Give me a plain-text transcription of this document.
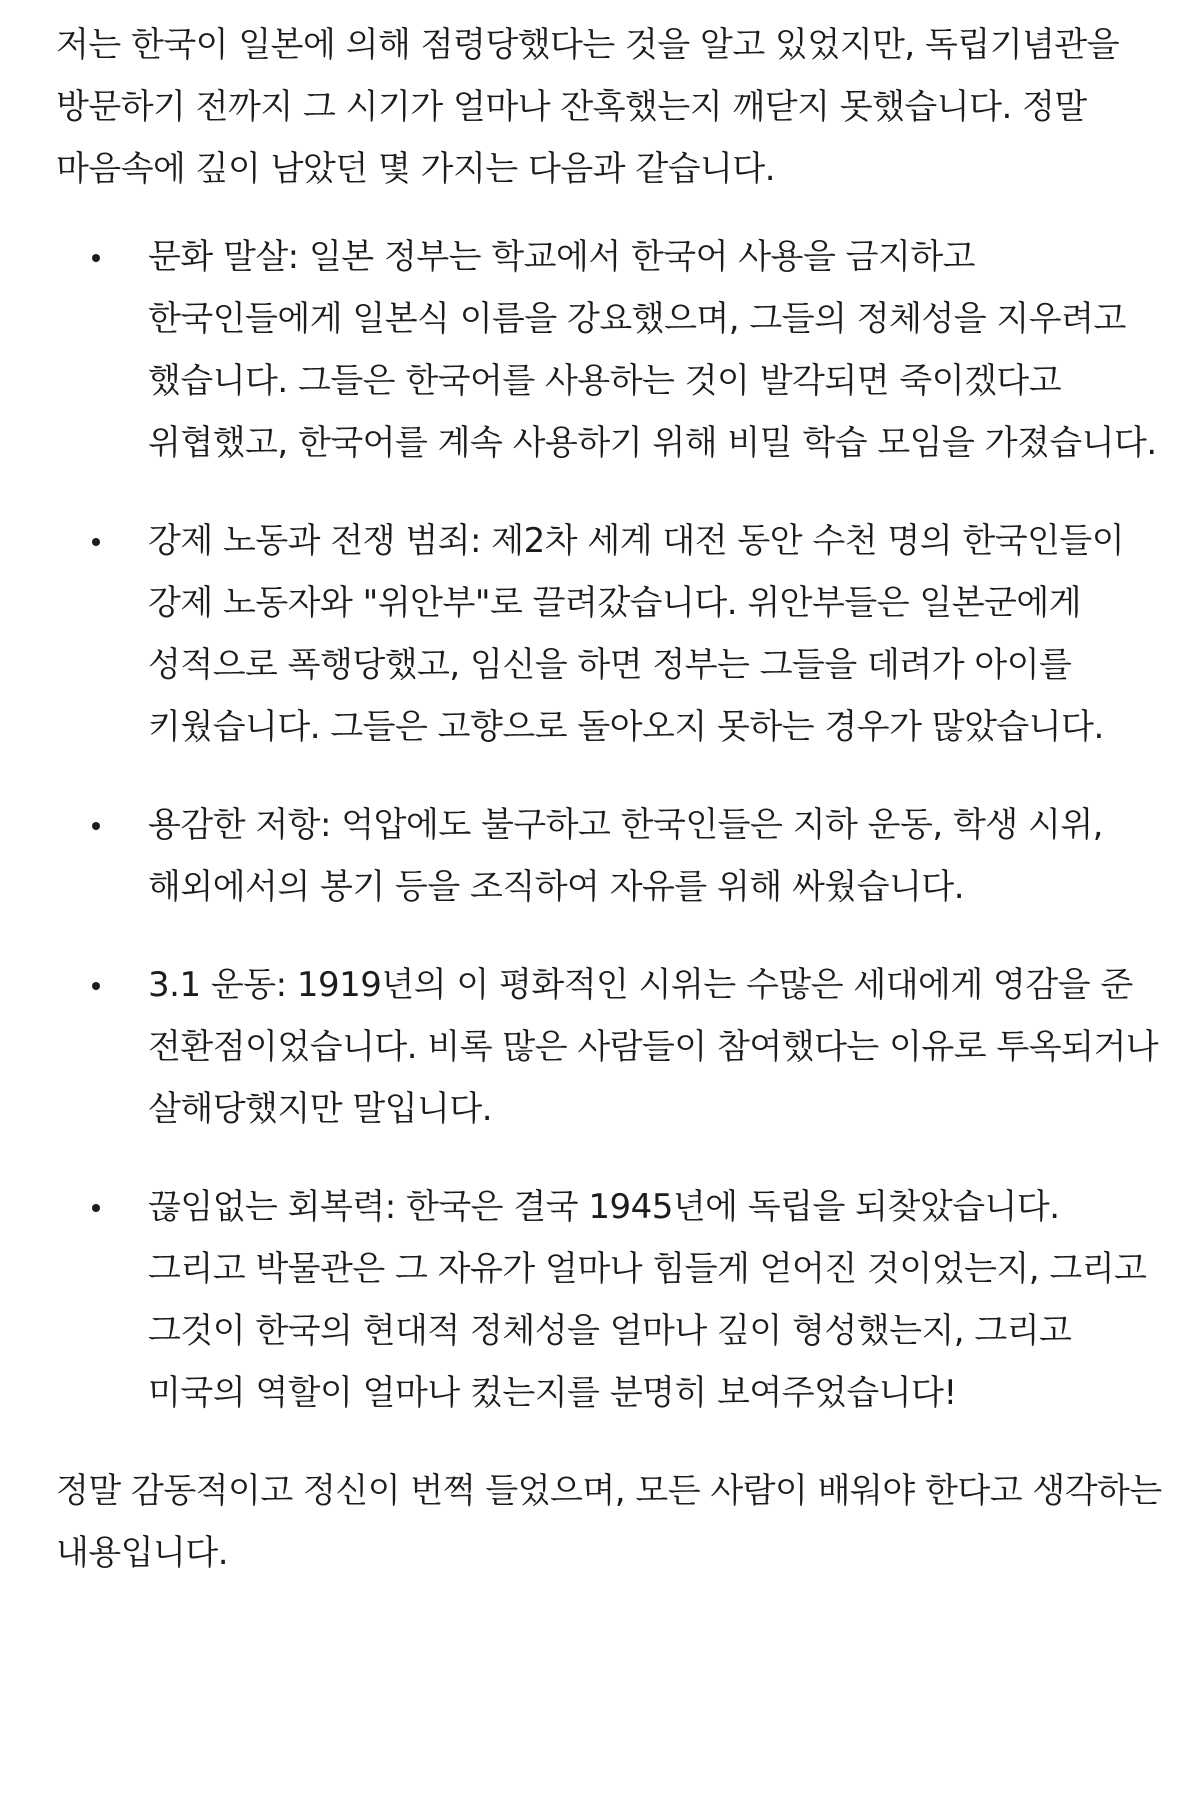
저는 한국이 일본에 의해 점령당했다는 것을 알고 있었지만, 독립기념관을 방문하기 전까지 그 시기가 얼마나 잔혹했는지 깨닫지 못했습니다. 정말 마음속에 깊이 남았던 몇 가지는 다음과 같습니다.

문화 말살: 일본 정부는 학교에서 한국어 사용을 금지하고 한국인들에게 일본식 이름을 강요했으며, 그들의 정체성을 지우려고 했습니다. 그들은 한국어를 사용하는 것이 발각되면 죽이겠다고 위협했고, 한국어를 계속 사용하기 위해 비밀 학습 모임을 가졌습니다.

강제 노동과 전쟁 범죄: 제2차 세계 대전 동안 수천 명의 한국인들이 강제 노동자와 "위안부"로 끌려갔습니다. 위안부들은 일본군에게 성적으로 폭행당했고, 임신을 하면 정부는 그들을 데려가 아이를 키웠습니다. 그들은 고향으로 돌아오지 못하는 경우가 많았습니다.

용감한 저항: 억압에도 불구하고 한국인들은 지하 운동, 학생 시위, 해외에서의 봉기 등을 조직하여 자유를 위해 싸웠습니다.

3.1 운동: 1919년의 이 평화적인 시위는 수많은 세대에게 영감을 준 전환점이었습니다. 비록 많은 사람들이 참여했다는 이유로 투옥되거나 살해당했지만 말입니다.

끊임없는 회복력: 한국은 결국 1945년에 독립을 되찾았습니다. 그리고 박물관은 그 자유가 얼마나 힘들게 얻어진 것이었는지, 그리고 그것이 한국의 현대적 정체성을 얼마나 깊이 형성했는지, 그리고 미국의 역할이 얼마나 컸는지를 분명히 보여주었습니다!

정말 감동적이고 정신이 번쩍 들었으며, 모든 사람이 배워야 한다고 생각하는 내용입니다.
